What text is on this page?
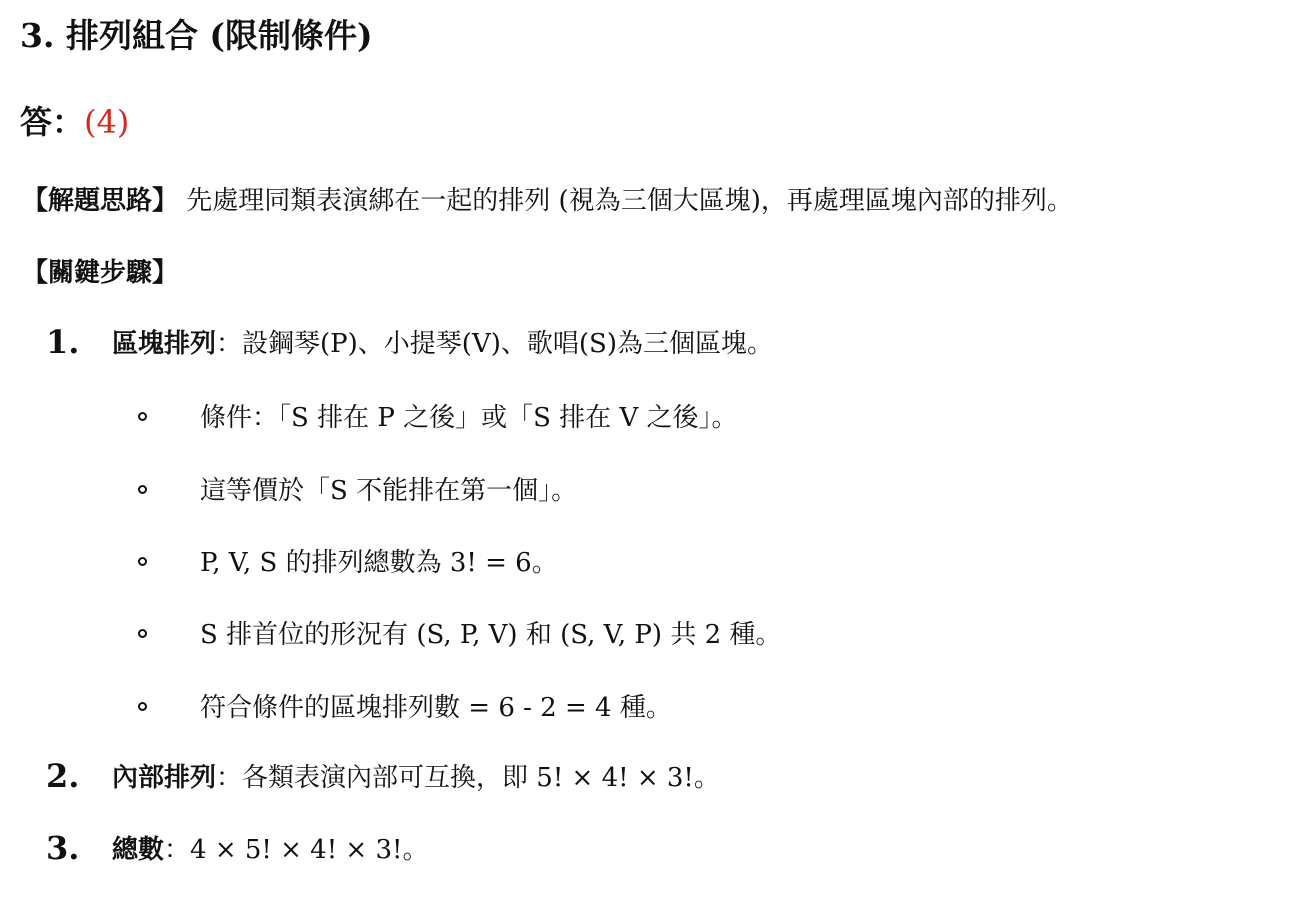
3. 排列組合 (限制條件)
答：(4)
【解題思路】 先處理同類表演綁在一起的排列 (視為三個大區塊)，再處理區塊內部的排列。
【關鍵步驟】
1. 區塊排列：設鋼琴(P)、小提琴(V)、歌唱(S)為三個區塊。
條件：「S 排在 P 之後」或「S 排在 V 之後」。
這等價於「S 不能排在第一個」。
P, V, S 的排列總數為 3! = 6。
S 排首位的形況有 (S, P, V) 和 (S, V, P) 共 2 種。
符合條件的區塊排列數 = 6 - 2 = 4 種。
2. 內部排列：各類表演內部可互換，即 5! × 4! × 3!。
3. 總數：4 × 5! × 4! × 3!。
